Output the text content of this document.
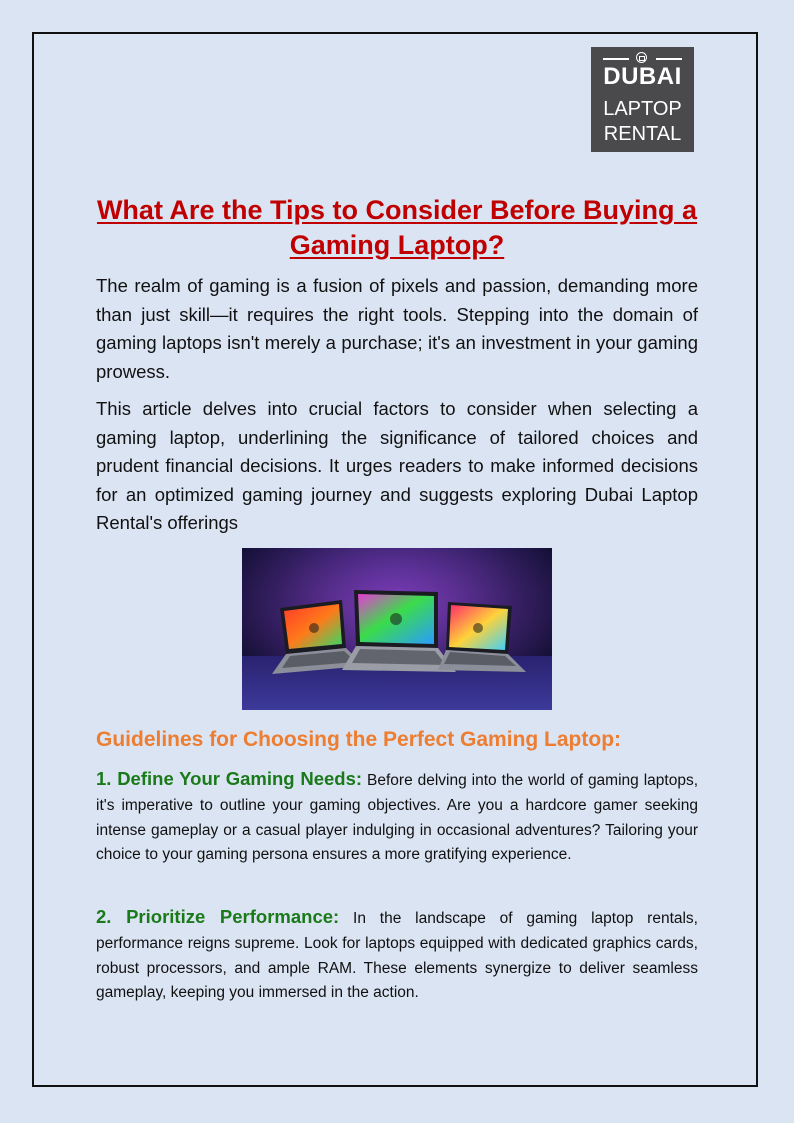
DUBAI
LAPTOP
RENTAL
What Are the Tips to Consider Before Buying a Gaming Laptop?

The realm of gaming is a fusion of pixels and passion, demanding more than just skill—it requires the right tools. Stepping into the domain of gaming laptops isn't merely a purchase; it's an investment in your gaming prowess.

This article delves into crucial factors to consider when selecting a gaming laptop, underlining the significance of tailored choices and prudent financial decisions. It urges readers to make informed decisions for an optimized gaming journey and suggests exploring Dubai Laptop Rental's offerings

Guidelines for Choosing the Perfect Gaming Laptop:

1. Define Your Gaming Needs: Before delving into the world of gaming laptops, it's imperative to outline your gaming objectives. Are you a hardcore gamer seeking intense gameplay or a casual player indulging in occasional adventures? Tailoring your choice to your gaming persona ensures a more gratifying experience.

2. Prioritize Performance: In the landscape of gaming laptop rentals, performance reigns supreme. Look for laptops equipped with dedicated graphics cards, robust processors, and ample RAM. These elements synergize to deliver seamless gameplay, keeping you immersed in the action.
